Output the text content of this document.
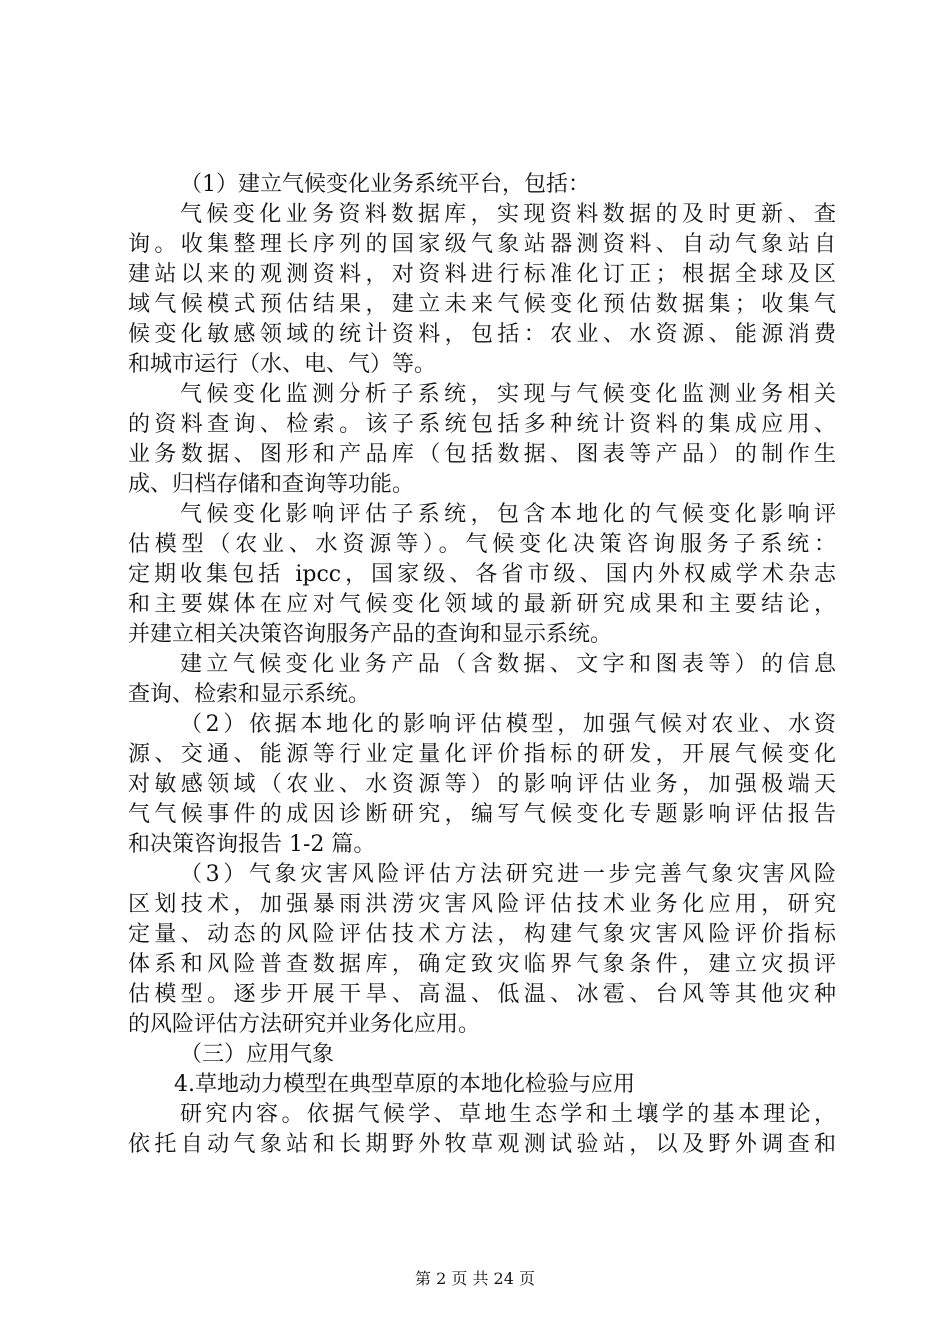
（1）建立气候变化业务系统平台，包括：
气候变化业务资料数据库，实现资料数据的及时更新、查
询。收集整理长序列的国家级气象站器测资料、自动气象站自
建站以来的观测资料，对资料进行标准化订正；根据全球及区
域气候模式预估结果，建立未来气候变化预估数据集；收集气
候变化敏感领域的统计资料，包括：农业、水资源、能源消费
和城市运行（水、电、气）等。
气候变化监测分析子系统，实现与气候变化监测业务相关
的资料查询、检索。该子系统包括多种统计资料的集成应用、
业务数据、图形和产品库（包括数据、图表等产品）的制作生
成、归档存储和查询等功能。
气候变化影响评估子系统，包含本地化的气候变化影响评
估模型（农业、水资源等）。气候变化决策咨询服务子系统：
定期收集包括 ipcc，国家级、各省市级、国内外权威学术杂志
和主要媒体在应对气候变化领域的最新研究成果和主要结论，
并建立相关决策咨询服务产品的查询和显示系统。
建立气候变化业务产品（含数据、文字和图表等）的信息
查询、检索和显示系统。
（2）依据本地化的影响评估模型，加强气候对农业、水资
源、交通、能源等行业定量化评价指标的研发，开展气候变化
对敏感领域（农业、水资源等）的影响评估业务，加强极端天
气气候事件的成因诊断研究，编写气候变化专题影响评估报告
和决策咨询报告 1-2 篇。
（3）气象灾害风险评估方法研究进一步完善气象灾害风险
区划技术，加强暴雨洪涝灾害风险评估技术业务化应用，研究
定量、动态的风险评估技术方法，构建气象灾害风险评价指标
体系和风险普查数据库，确定致灾临界气象条件，建立灾损评
估模型。逐步开展干旱、高温、低温、冰雹、台风等其他灾种
的风险评估方法研究并业务化应用。
（三）应用气象
4.草地动力模型在典型草原的本地化检验与应用
研究内容。依据气候学、草地生态学和土壤学的基本理论，
依托自动气象站和长期野外牧草观测试验站，以及野外调查和
第 2 页 共 24 页
